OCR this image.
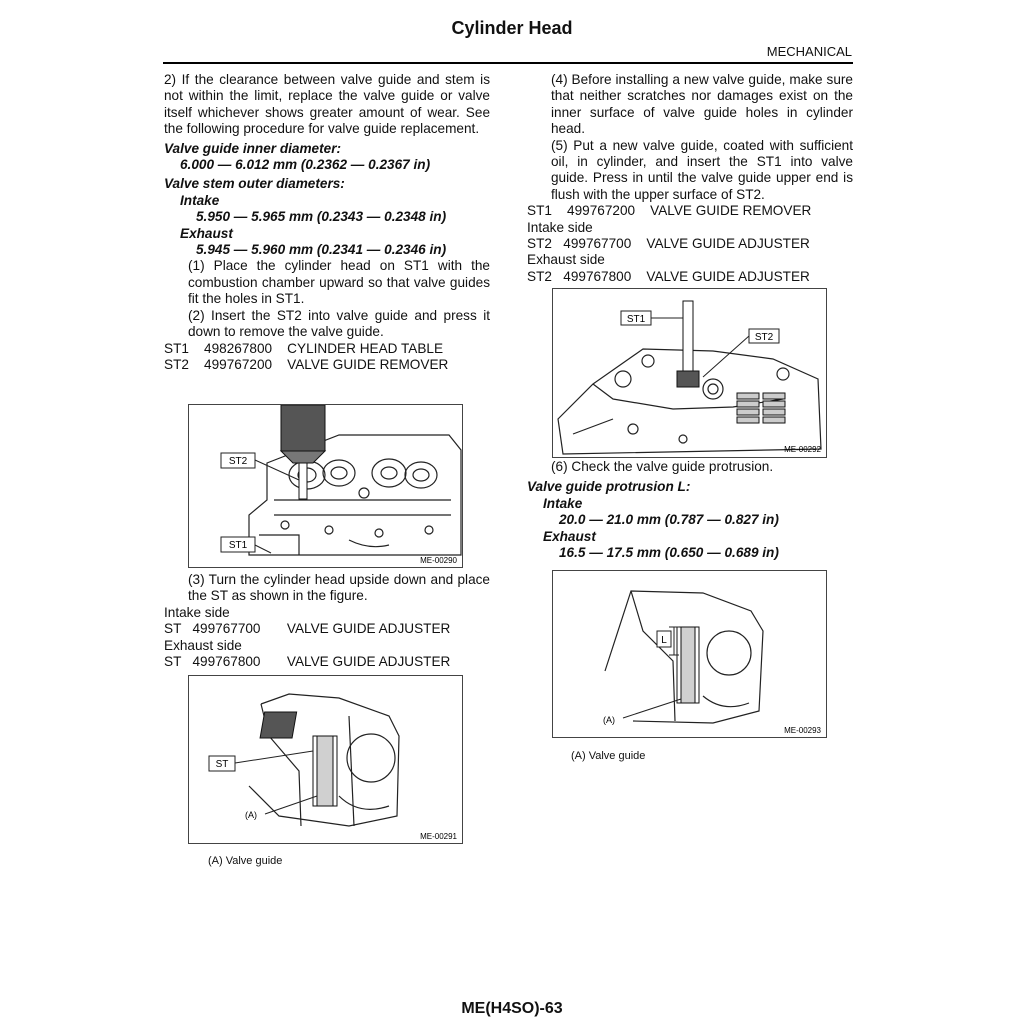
Cylinder Head
MECHANICAL

2) If the clearance between valve guide and stem is not within the limit, replace the valve guide or valve itself whichever shows greater amount of wear. See the following procedure for valve guide replacement.

Valve guide inner diameter:

6.000 — 6.012 mm (0.2362 — 0.2367 in)

Valve stem outer diameters:

Intake

5.950 — 5.965 mm (0.2343 — 0.2348 in)

Exhaust

5.945 — 5.960 mm (0.2341 — 0.2346 in)

(1) Place the cylinder head on ST1 with the combustion chamber upward so that valve guides fit the holes in ST1.

(2) Insert the ST2 into valve guide and press it down to remove the valve guide.

ST1    498267800    CYLINDER HEAD TABLE

ST2    499767200    VALVE GUIDE REMOVER

ST2
ST1
ME-00290

(3) Turn the cylinder head upside down and place the ST as shown in the figure.

Intake side

ST   499767700       VALVE GUIDE ADJUSTER

Exhaust side

ST   499767800       VALVE GUIDE ADJUSTER

ST
(A)
ME-00291
(A) Valve guide

(4) Before installing a new valve guide, make sure that neither scratches nor damages exist on the inner surface of valve guide holes in cylinder head.

(5) Put a new valve guide, coated with sufficient oil, in cylinder, and insert the ST1 into valve guide. Press in until the valve guide upper end is flush with the upper surface of ST2.

ST1    499767200    VALVE GUIDE REMOVER

Intake side

ST2   499767700    VALVE GUIDE ADJUSTER

Exhaust side

ST2   499767800    VALVE GUIDE ADJUSTER

ST1
ST2
ME-00292

(6) Check the valve guide protrusion.

Valve guide protrusion L:

Intake

20.0 — 21.0 mm (0.787 — 0.827 in)

Exhaust

16.5 — 17.5 mm (0.650 — 0.689 in)

L
(A)
ME-00293
(A) Valve guide
ME(H4SO)-63
